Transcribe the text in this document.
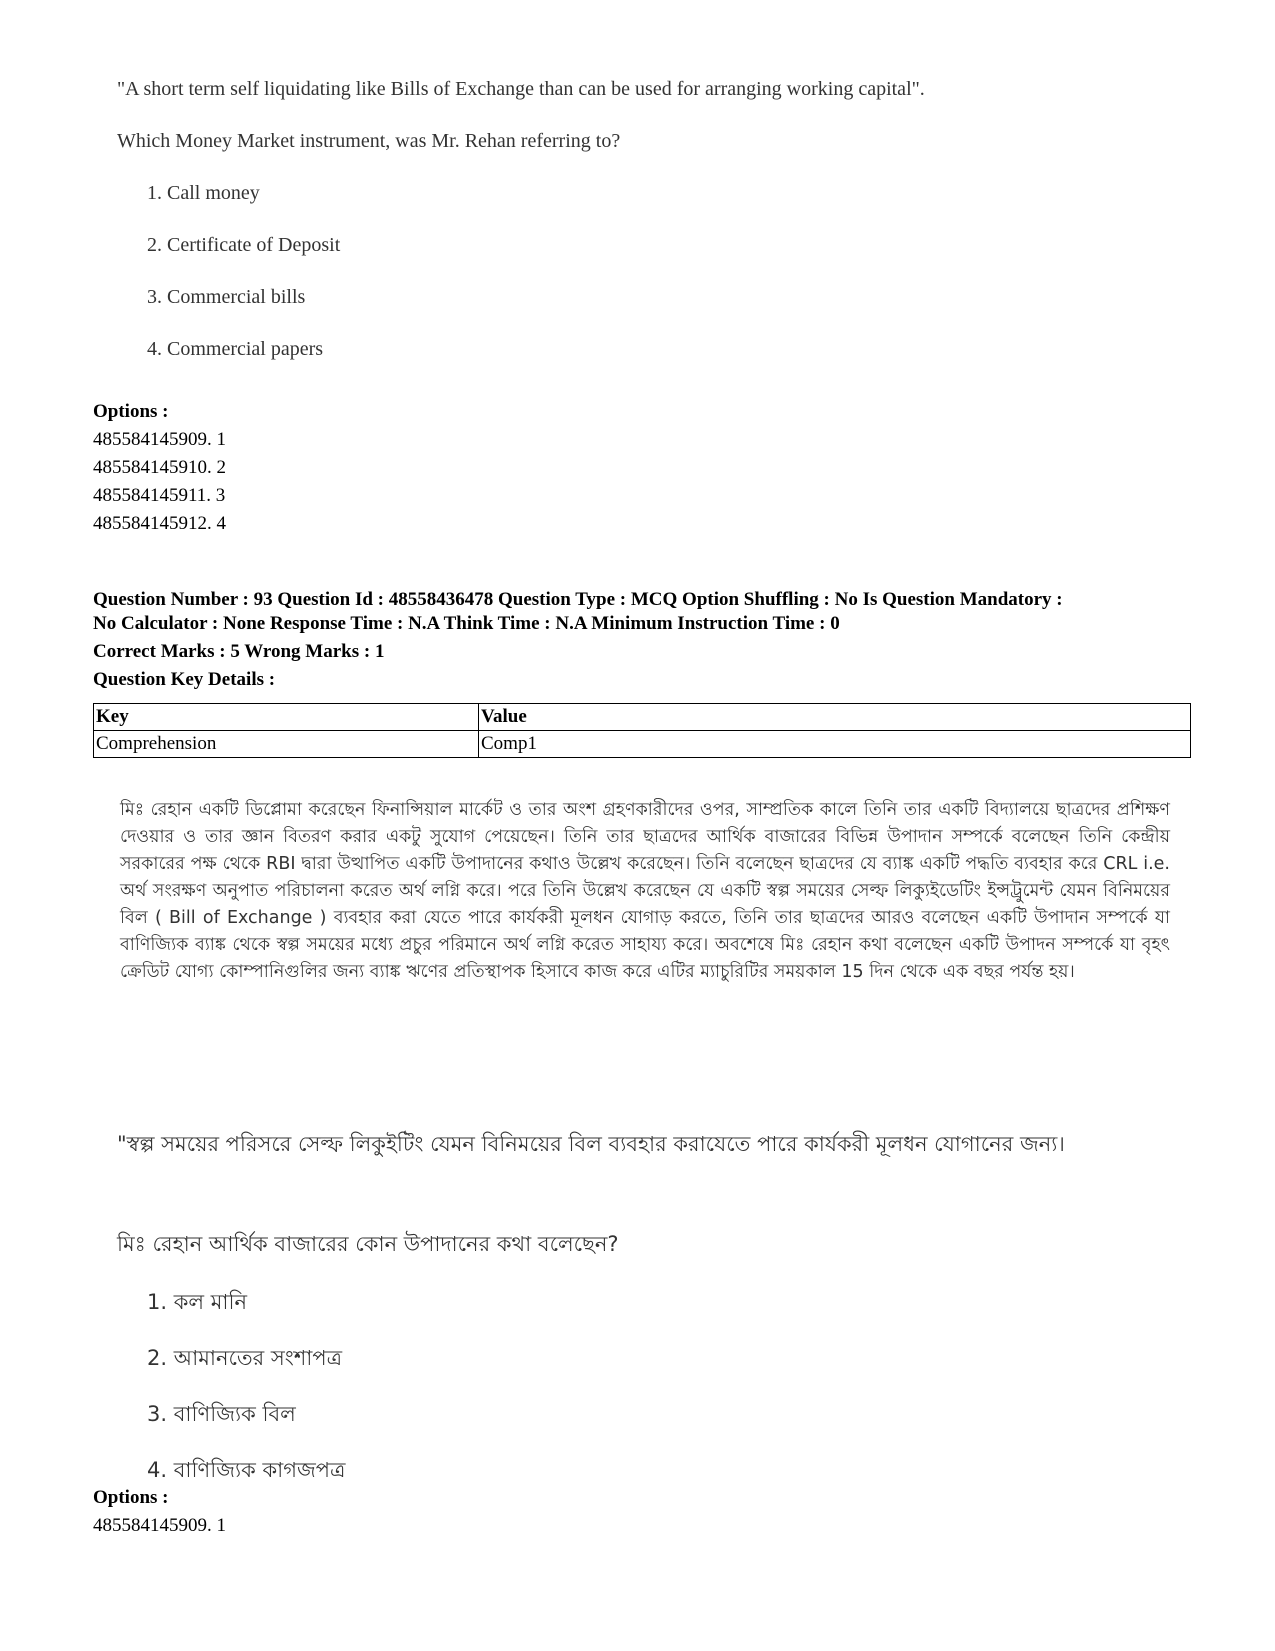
"A short term self liquidating like Bills of Exchange than can be used for arranging working capital".

Which Money Market instrument, was Mr. Rehan referring to?

1. Call money
2. Certificate of Deposit
3. Commercial bills
4. Commercial papers
Options :
485584145909. 1
485584145910. 2
485584145911. 3
485584145912. 4
Question Number : 93 Question Id : 48558436478 Question Type : MCQ Option Shuffling : No Is Question Mandatory :
No Calculator : None Response Time : N.A Think Time : N.A Minimum Instruction Time : 0
Correct Marks : 5 Wrong Marks : 1
Question Key Details :
Key	Value
Comprehension	Comp1
মিঃ রেহান একটি ডিপ্লোমা করেছেন ফিনান্সিয়াল মার্কেট ও তার অংশ গ্রহণকারীদের ওপর, সাম্প্রতিক কালে তিনি তার একটি বিদ্যালয়ে ছাত্রদের প্রশিক্ষণ দেওয়ার ও তার জ্ঞান বিতরণ করার একটু সুযোগ পেয়েছেন। তিনি তার ছাত্রদের আর্থিক বাজারের বিভিন্ন উপাদান সম্পর্কে বলেছেন তিনি কেন্দ্রীয় সরকারের পক্ষ থেকে RBI দ্বারা উত্থাপিত একটি উপাদানের কথাও উল্লেখ করেছেন। তিনি বলেছেন ছাত্রদের যে ব্যাঙ্ক একটি পদ্ধতি ব্যবহার করে CRL i.e. অর্থ সংরক্ষণ অনুপাত পরিচালনা করেত অর্থ লগ্নি করে। পরে তিনি উল্লেখ করেছেন যে একটি স্বল্প সময়ের সেল্ফ লিক্যুইডেটিং ইন্সট্রুমেন্ট যেমন বিনিময়ের বিল ( Bill of Exchange ) ব্যবহার করা যেতে পারে কার্যকরী মূলধন যোগাড় করতে, তিনি তার ছাত্রদের আরও বলেছেন একটি উপাদান সম্পর্কে যা বাণিজ্যিক ব্যাঙ্ক থেকে স্বল্প সময়ের মধ্যে প্রচুর পরিমানে অর্থ লগ্নি করেত সাহায্য করে। অবশেষে মিঃ রেহান কথা বলেছেন একটি উপাদন সম্পর্কে যা বৃহৎ ক্রেডিট যোগ্য কোম্পানিগুলির জন্য ব্যাঙ্ক ঋণের প্রতিস্থাপক হিসাবে কাজ করে এটির ম্যাচুরিটির সময়কাল 15 দিন থেকে এক বছর পর্যন্ত হয়।
"স্বল্প সময়ের পরিসরে সেল্ফ লিকুইটিং যেমন বিনিময়ের বিল ব্যবহার করাযেতে পারে কার্যকরী মূলধন যোগানের জন্য।
মিঃ রেহান আর্থিক বাজারের কোন উপাদানের কথা বলেছেন?
1. কল মানি
2. আমানতের সংশাপত্র
3. বাণিজ্যিক বিল
4. বাণিজ্যিক কাগজপত্র
Options :
485584145909. 1
